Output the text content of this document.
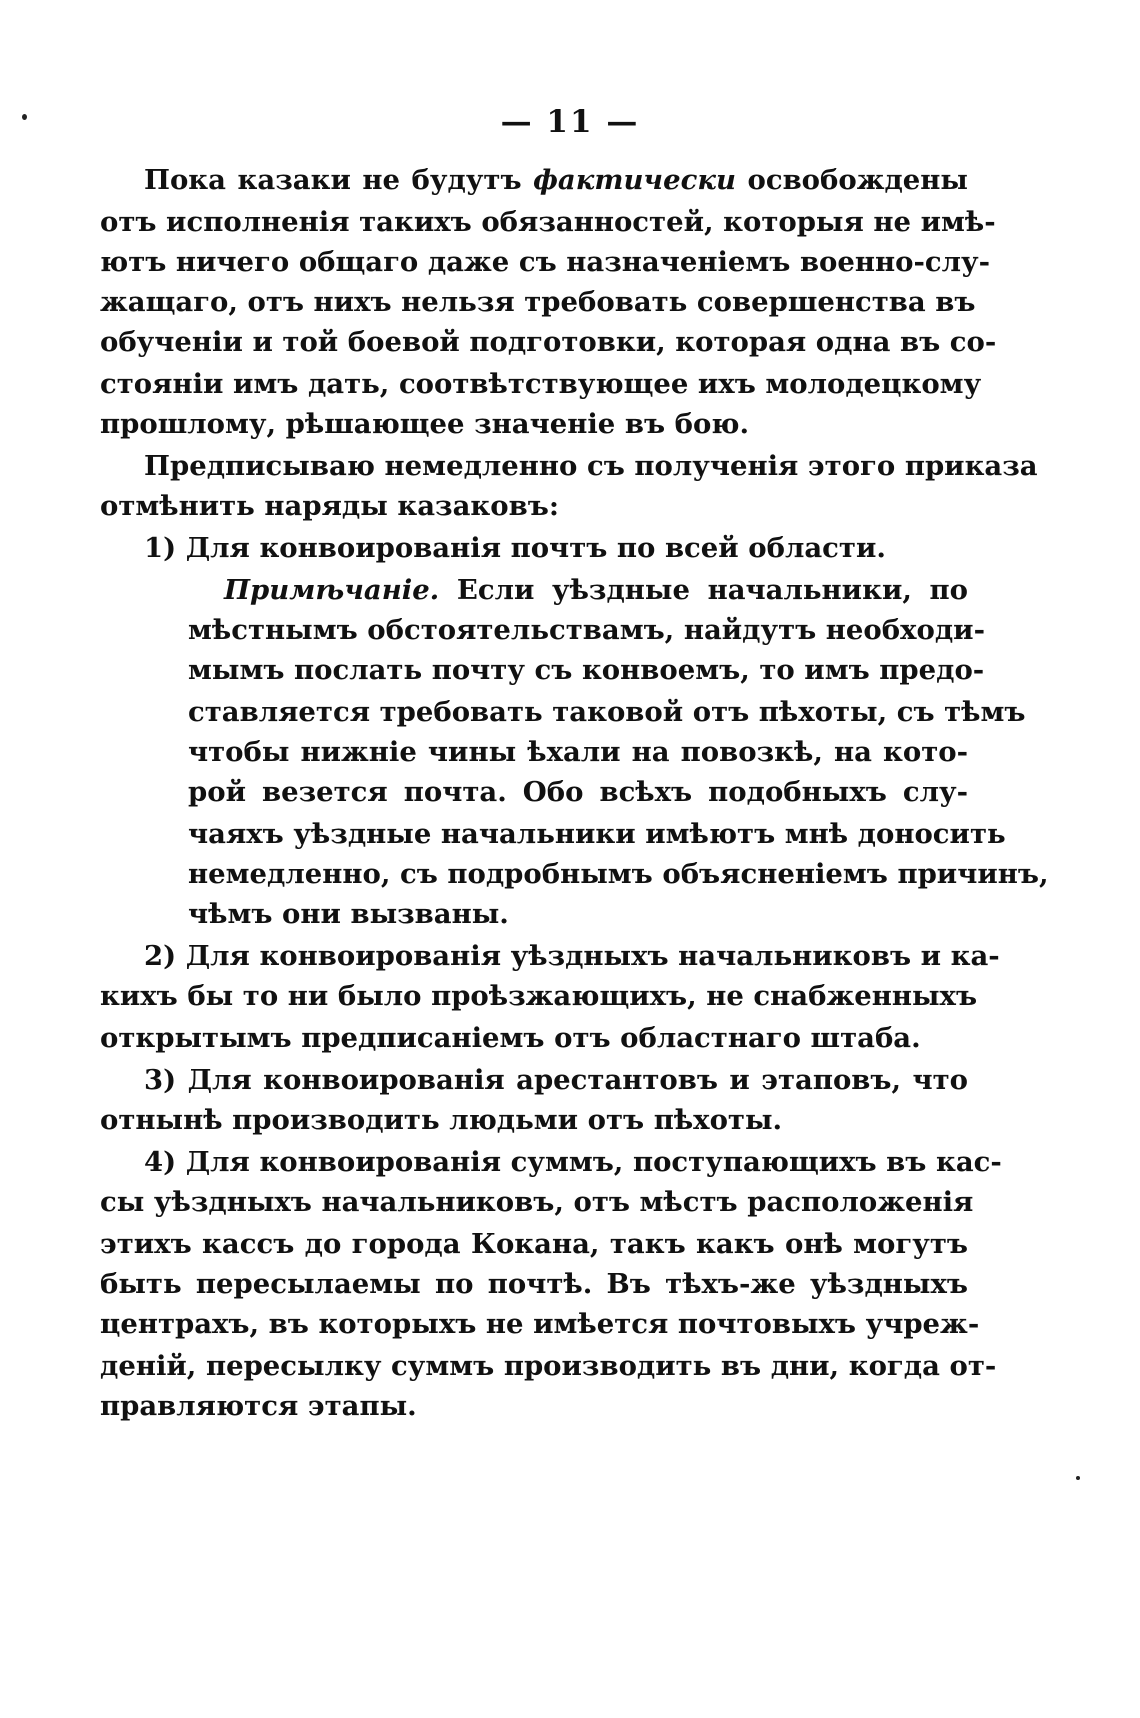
— 11 —
Пока казаки не будутъ фактически освобождены
отъ исполненія такихъ обязанностей, которыя не имѣ-
ютъ ничего общаго даже съ назначеніемъ военно-слу-
жащаго, отъ нихъ нельзя требовать совершенства въ
обученіи и той боевой подготовки, которая одна въ со-
стояніи имъ дать, соотвѣтствующее ихъ молодецкому
прошлому, рѣшающее значеніе въ бою.
Предписываю немедленно съ полученія этого приказа
отмѣнить наряды казаковъ:
1) Для конвоированія почтъ по всей области.
Примѣчаніе. Если уѣздные начальники, по
мѣстнымъ обстоятельствамъ, найдутъ необходи-
мымъ послать почту съ конвоемъ, то имъ предо-
ставляется требовать таковой отъ пѣхоты, съ тѣмъ
чтобы нижніе чины ѣхали на повозкѣ, на кото-
рой везется почта. Обо всѣхъ подобныхъ слу-
чаяхъ уѣздные начальники имѣютъ мнѣ доносить
немедленно, съ подробнымъ объясненіемъ причинъ,
чѣмъ они вызваны.
2) Для конвоированія уѣздныхъ начальниковъ и ка-
кихъ бы то ни было проѣзжающихъ, не снабженныхъ
открытымъ предписаніемъ отъ областнаго штаба.
3) Для конвоированія арестантовъ и этаповъ, что
отнынѣ производить людьми отъ пѣхоты.
4) Для конвоированія суммъ, поступающихъ въ кас-
сы уѣздныхъ начальниковъ, отъ мѣстъ расположенія
этихъ кассъ до города Кокана, такъ какъ онѣ могутъ
быть пересылаемы по почтѣ. Въ тѣхъ-же уѣздныхъ
центрахъ, въ которыхъ не имѣется почтовыхъ учреж-
деній, пересылку суммъ производить въ дни, когда от-
правляются этапы.
